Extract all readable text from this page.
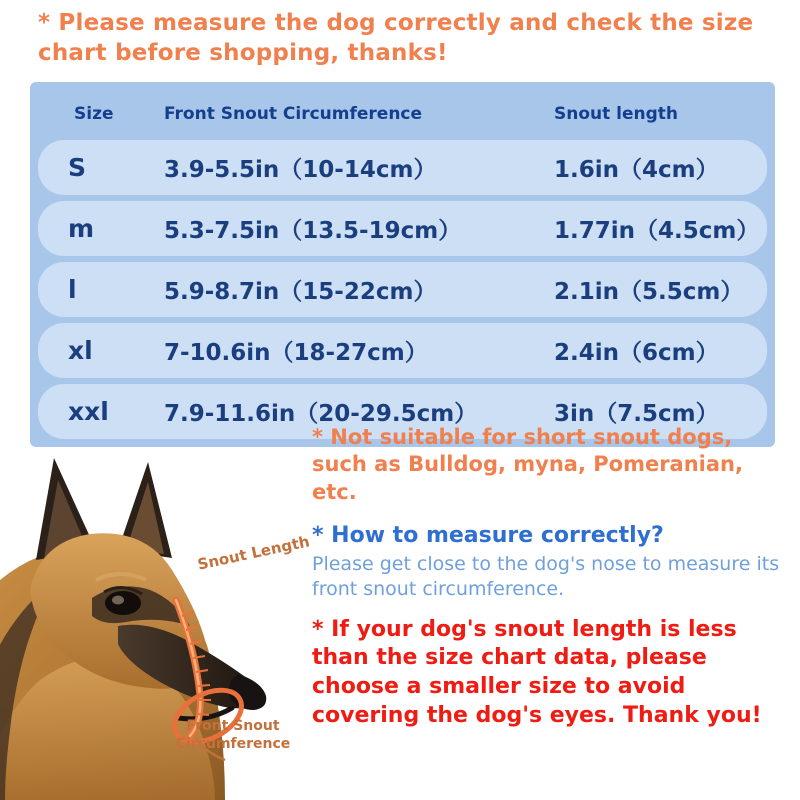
* Please measure the dog correctly and check the size chart before shopping, thanks!
Size	Front Snout Circumference	Snout length
S	3.9-5.5in（10-14cm）	1.6in（4cm）
m	5.3-7.5in（13.5-19cm）	1.77in（4.5cm）
l	5.9-8.7in（15-22cm）	2.1in（5.5cm）
xl	7-10.6in（18-27cm）	2.4in（6cm）
xxl	7.9-11.6in（20-29.5cm）	3in（7.5cm）
* Not suitable for short snout dogs, such as Bulldog, myna, Pomeranian, etc.
* How to measure correctly?
Please get close to the dog's nose to measure its front snout circumference.
* If your dog's snout length is less than the size chart data, please choose a smaller size to avoid covering the dog's eyes. Thank you!
Snout Length
Front Snout Circumference
